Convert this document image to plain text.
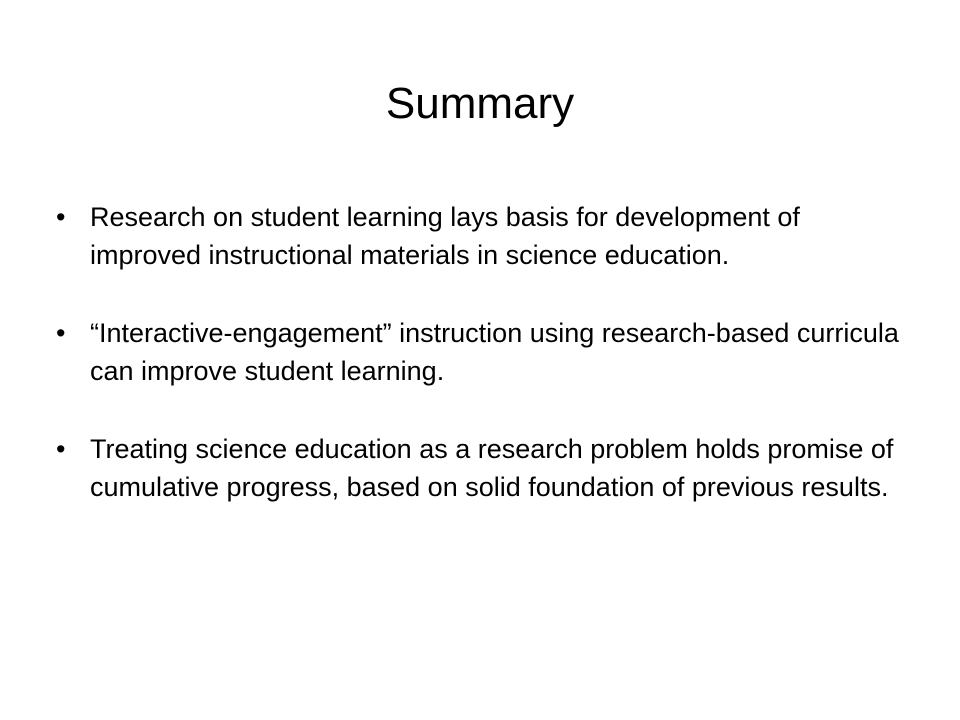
Summary
• Research on student learning lays basis for development of improved instructional materials in science education.
• “Interactive-engagement” instruction using research-based curricula can improve student learning.
• Treating science education as a research problem holds promise of cumulative progress, based on solid foundation of previous results.
